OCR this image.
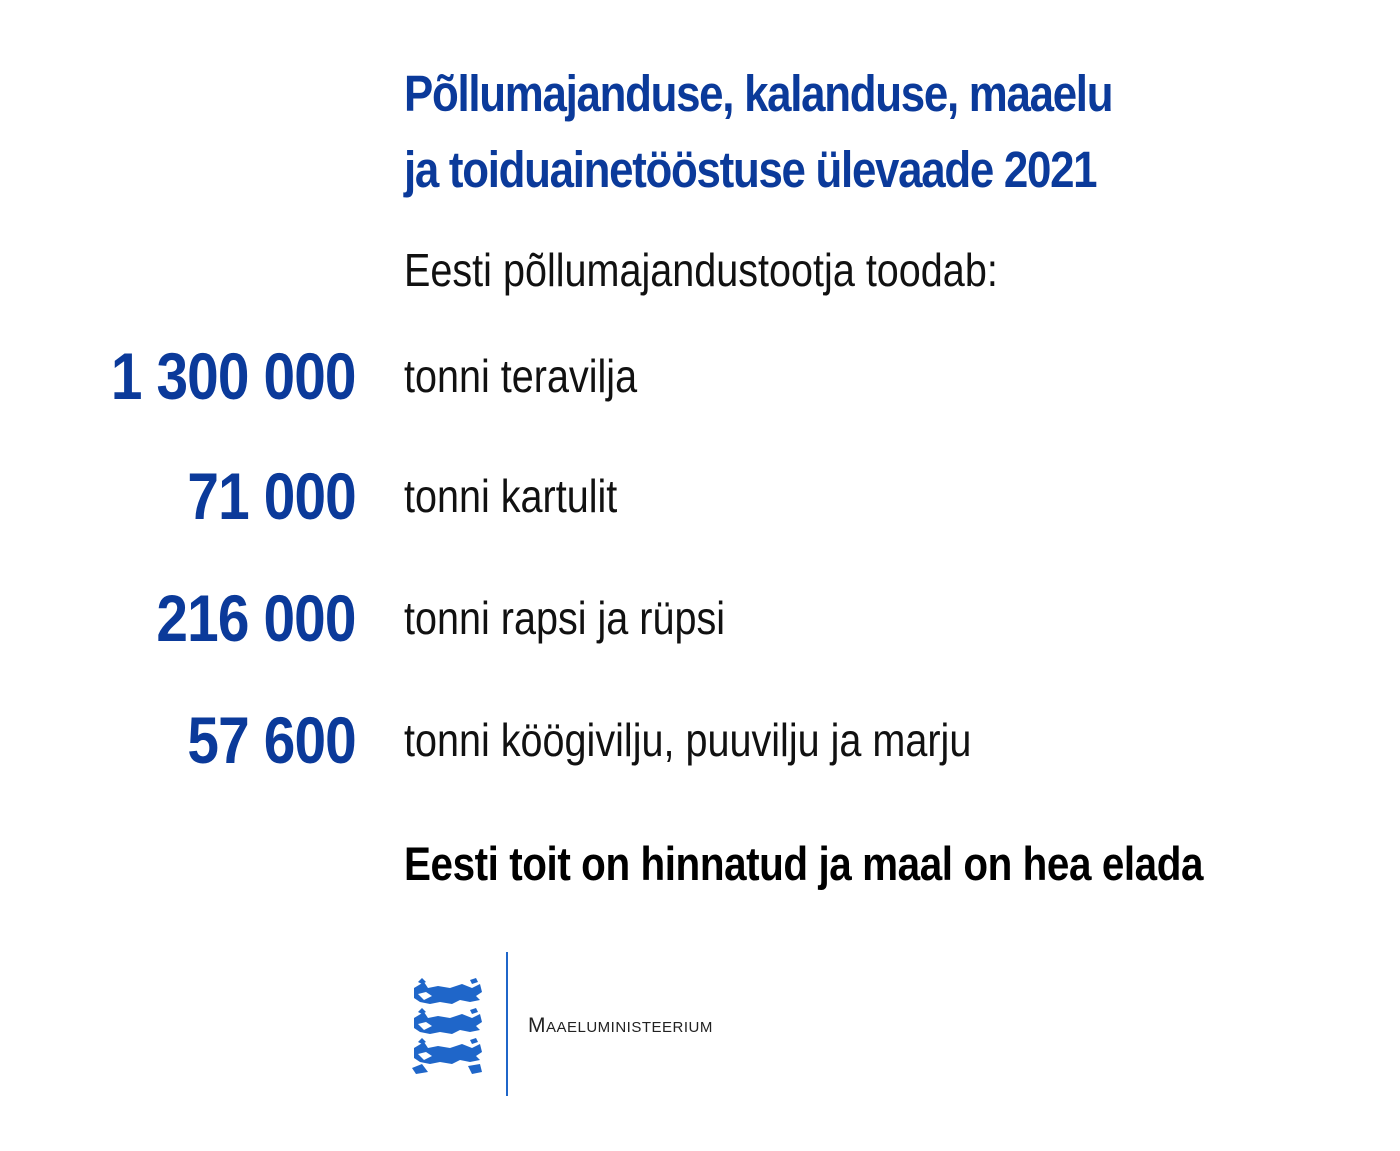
Põllumajanduse, kalanduse, maaelu
ja toiduainetööstuse ülevaade 2021

Eesti põllumajandustootja toodab:

1 300 000 tonni teravilja
71 000 tonni kartulit
216 000 tonni rapsi ja rüpsi
57 600 tonni köögivilju, puuvilju ja marju

Eesti toit on hinnatud ja maal on hea elada

Maaeluministeerium
